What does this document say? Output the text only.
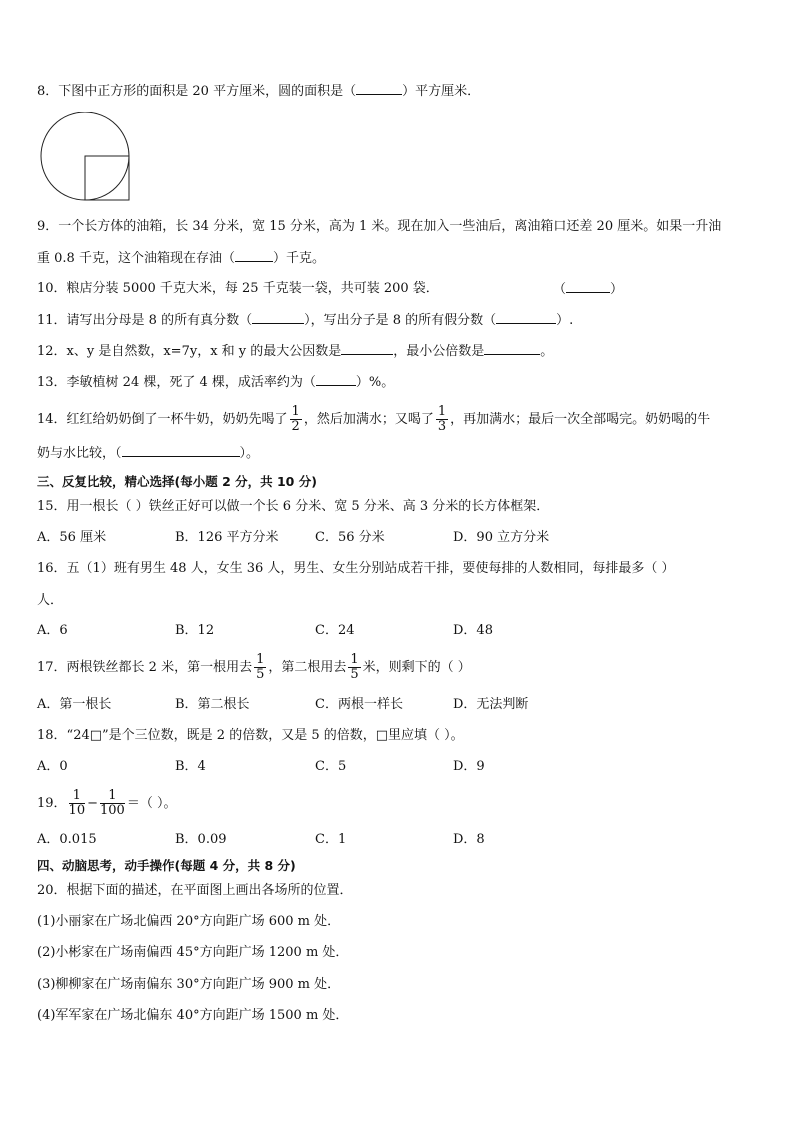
8．下图中正方形的面积是 20 平方厘米，圆的面积是（	）平方厘米．
9．一个长方体的油箱，长 34 分米，宽 15 分米，高为 1 米。现在加入一些油后，离油箱口还差 20 厘米。如果一升油
重 0.8 千克，这个油箱现在存油（	）千克。
10．粮店分装 5000 千克大米，每 25 千克装一袋，共可装 200 袋．	（	）
11．请写出分母是 8 的所有真分数（	），写出分子是 8 的所有假分数（	）.
12．x、y 是自然数，x=7y，x 和 y 的最大公因数是	，最小公倍数是	。
13．李敏植树 24 棵，死了 4 棵，成活率约为（	）%。
14．红红给奶奶倒了一杯牛奶，奶奶先喝了 $\frac{1}{2}$ ，然后加满水；又喝了 $\frac{1}{3}$ ，再加满水；最后一次全部喝完。奶奶喝的牛
奶与水比较，（	）。
三、反复比较，精心选择(每小题 2 分，共 10 分)
15．用一根长（ ）铁丝正好可以做一个长 6 分米、宽 5 分米、高 3 分米的长方体框架．
A．56 厘米	B．126 平方分米	C．56 分米	D．90 立方分米
16．五（1）班有男生 48 人，女生 36 人，男生、女生分别站成若干排，要使每排的人数相同，每排最多（ ）
人．
A．6	B．12	C．24	D．48
17．两根铁丝都长 2 米，第一根用去 $\frac{1}{5}$ ，第二根用去 $\frac{1}{5}$ 米，则剩下的（ ）
A．第一根长	B．第二根长	C．两根一样长	D．无法判断
18．“24□”是个三位数，既是 2 的倍数，又是 5 的倍数，□里应填（ ）。
A．0	B．4	C．5	D．9
19． $\frac{1}{10} - \frac{1}{100}$ ＝（ ）。
A．0.015	B．0.09	C．1	D．8
四、动脑思考，动手操作(每题 4 分，共 8 分)
20．根据下面的描述，在平面图上画出各场所的位置．
(1)小丽家在广场北偏西 20°方向距广场 600 m 处．
(2)小彬家在广场南偏西 45°方向距广场 1200 m 处．
(3)柳柳家在广场南偏东 30°方向距广场 900 m 处．
(4)军军家在广场北偏东 40°方向距广场 1500 m 处．
